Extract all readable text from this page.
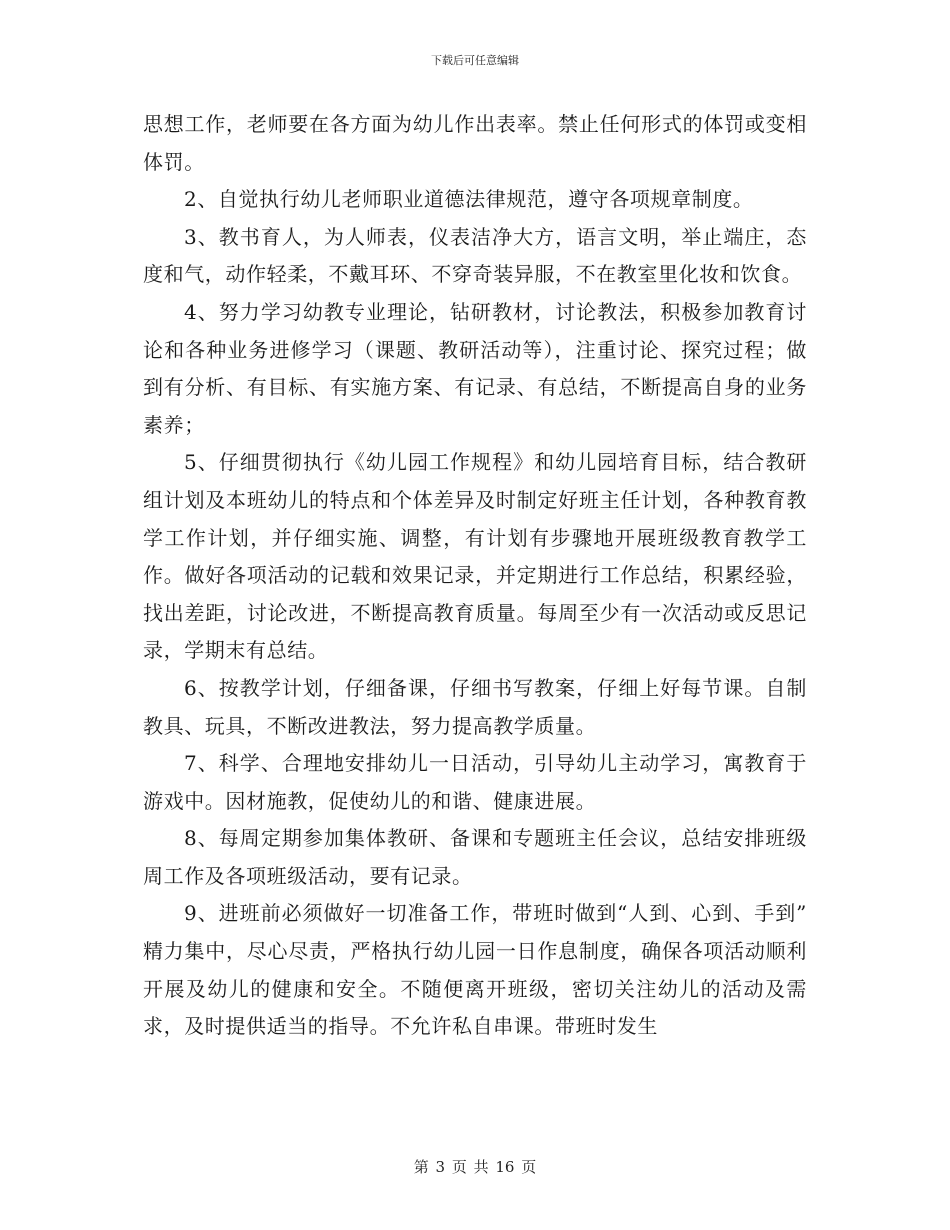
下载后可任意编辑

思想工作，老师要在各方面为幼儿作出表率。禁止任何形式的体罚或变相体罚。

2、自觉执行幼儿老师职业道德法律规范，遵守各项规章制度。

3、教书育人，为人师表，仪表洁净大方，语言文明，举止端庄，态度和气，动作轻柔，不戴耳环、不穿奇装异服，不在教室里化妆和饮食。

4、努力学习幼教专业理论，钻研教材，讨论教法，积极参加教育讨论和各种业务进修学习（课题、教研活动等），注重讨论、探究过程；做到有分析、有目标、有实施方案、有记录、有总结，不断提高自身的业务素养；

5、仔细贯彻执行《幼儿园工作规程》和幼儿园培育目标，结合教研组计划及本班幼儿的特点和个体差异及时制定好班主任计划，各种教育教学工作计划，并仔细实施、调整，有计划有步骤地开展班级教育教学工作。做好各项活动的记载和效果记录，并定期进行工作总结，积累经验，找出差距，讨论改进，不断提高教育质量。每周至少有一次活动或反思记录，学期末有总结。

6、按教学计划，仔细备课，仔细书写教案，仔细上好每节课。自制教具、玩具，不断改进教法，努力提高教学质量。

7、科学、合理地安排幼儿一日活动，引导幼儿主动学习，寓教育于游戏中。因材施教，促使幼儿的和谐、健康进展。

8、每周定期参加集体教研、备课和专题班主任会议，总结安排班级周工作及各项班级活动，要有记录。

9、进班前必须做好一切准备工作，带班时做到“人到、心到、手到” 精力集中，尽心尽责，严格执行幼儿园一日作息制度，确保各项活动顺利开展及幼儿的健康和安全。不随便离开班级，密切关注幼儿的活动及需求，及时提供适当的指导。不允许私自串课。带班时发生

第 3 页 共 16 页
